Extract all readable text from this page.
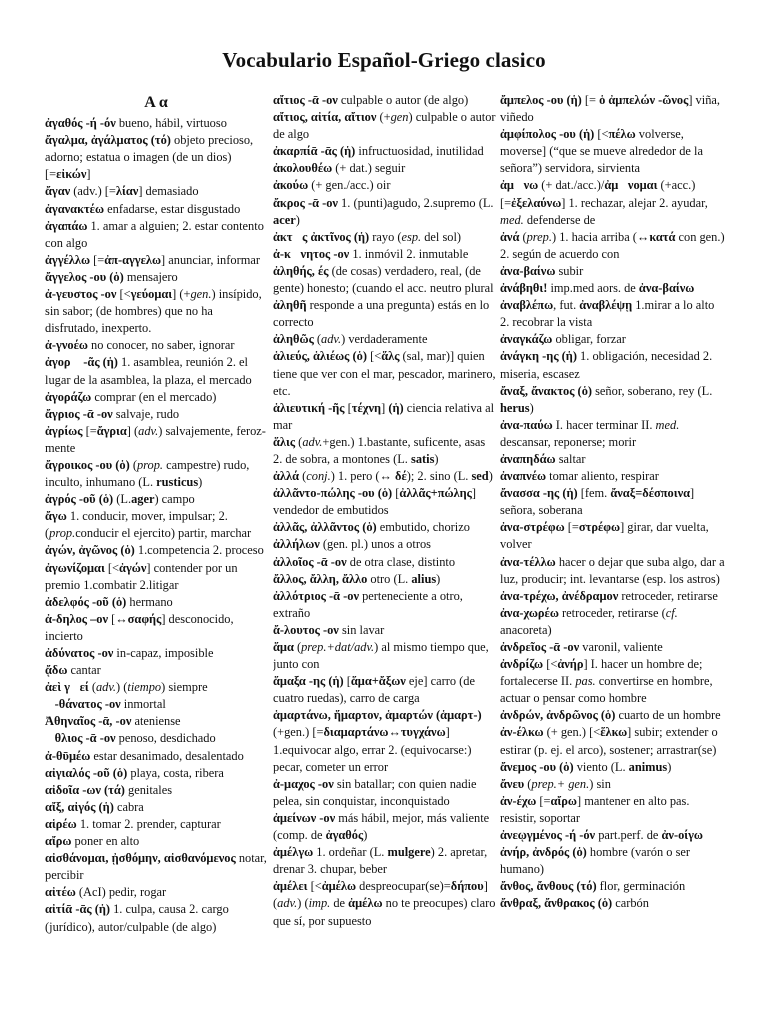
Vocabulario Español-Griego clasico
Α α

ἀγαθός -ή -όν bueno, hábil, virtuoso

ἄγαλμα, ἀγάλματος (τό) objeto precioso, adorno; estatua o imagen (de un dios) [=εἰκών]

ἄγαν (adv.) [=λίαν] demasiado

ἀγανακτέω enfadarse, estar disgustado

ἀγαπάω 1. amar a alguien; 2. estar contento con algo

ἀγγέλλω [=ἀπ-αγγελω] anunciar, informar

ἄγγελος -ου (ὁ) mensajero

ἀ-γευστος -ον [<γεύομαι] (+gen.) insípido, sin sabor; (de hombres) que no ha disfrutado, inexperto.

ἀ-γνοέω no conocer, no saber, ignorar

ἀγορ -ᾶς (ἡ) 1. asamblea, reunión 2. el lugar de la asamblea, la plaza, el mercado

ἀγοράζω comprar (en el mercado)

ἄγριος -ᾱ -ον salvaje, rudo

ἀγρίως [=ἄγρια] (adv.) salvajemente, feroz-mente

ἄγροικος -ου (ὁ) (prop. campestre) rudo, inculto, inhumano (L. rusticus)

ἀγρός -οῦ (ὁ) (L.ager) campo

ἄγω 1. conducir, mover, impulsar; 2. (prop.conducir el ejercito) partir, marchar

ἀγών, ἀγῶνος (ὁ) 1.competencia 2. proceso

ἀγωνίζομαι [<ἀγών] contender por un premio 1.combatir 2.litigar

ἀδελφός -οῦ (ὁ) hermano

ἀ-δηλος –ον [↔σαφής] desconocido, incierto

ἀδύνατος -ον in-capaz, imposible

ᾄδω cantar

ἀεὶ γ εί (adv.) (tiempo) siempre

-θάνατος -ον inmortal

Ἀθηναῖος -ᾱ, -ον ateniense

θλιος -ᾱ -ον penoso, desdichado

ἀ-θῡμέω estar desanimado, desalentado

αἰγιαλός -οῦ (ὁ) playa, costa, ribera

αἰδοῖα -ων (τά) genitales

αἴξ, αἰγός (ἡ) cabra

αἱρέω 1. tomar 2. prender, capturar

αἴρω poner en alto

αἰσθάνομαι, ᾐσθόμην, αἰσθανόμενος notar, percibir

αἰτέω (AcI) pedir, rogar

αἰτίᾱ -ᾱς (ἡ) 1. culpa, causa 2. cargo (jurídico), autor/culpable (de algo)

αἴτιος -ᾱ -ον culpable o autor (de algo)

αἴτιος, αἰτία, αἴτιον (+gen) culpable o autor de algo

ἀκαρπίᾱ -ᾱς (ἡ) infructuosidad, inutilidad

ἀκολουθέω (+ dat.) seguir

ἀκούω (+ gen./acc.) oir

ἄκρος -ᾱ -ον 1. (punti)agudo, 2.supremo (L. acer)

ἀκτ ς ἀκτῖνος (ἡ) rayo (esp. del sol)

ἀ-κ νητος -ον 1. inmóvil 2. inmutable

ἀληθής, ές (de cosas) verdadero, real, (de gente) honesto; (cuando el acc. neutro plural ἀληθῆ responde a una pregunta) estás en lo correcto

ἀληθῶς (adv.) verdaderamente

ἁλιεύς, ἁλιέως (ὁ) [<ἅλς (sal, mar)] quien tiene que ver con el mar, pescador, marinero, etc.

ἁλιευτική -ῆς [τέχνη] (ἡ) ciencia relativa al mar

ἅλις (adv.+gen.) 1.bastante, suficente, asas 2. de sobra, a montones (L. satis)

ἀλλά (conj.) 1. pero (↔ δέ); 2. sino (L. sed)

ἀλλᾶντο-πώλης -ου (ὁ) [ἀλλᾶς+πώλης] vendedor de embutidos

ἀλλᾶς, ἀλλᾶντος (ὁ) embutido, chorizo

ἀλλήλων (gen. pl.) unos a otros

ἀλλοῖος -ᾱ -ον de otra clase, distinto

ἄλλος, ἄλλη, ἄλλο otro (L. alius)

ἀλλότριος -ᾱ -ον perteneciente a otro, extraño

ἄ-λουτος -ον sin lavar

ἅμα (prep.+dat/adv.) al mismo tiempo que, junto con

ἅμαξα -ης (ἡ) [ἅμα+ἄξων eje] carro (de cuatro ruedas), carro de carga

ἁμαρτάνω, ἥμαρτον, ἁμαρτών (ἁμαρτ-) (+gen.) [=διαμαρτάνω↔τυγχάνω] 1.equivocar algo, errar 2. (equivocarse:) pecar, cometer un error

ἀ-μαχος -ον sin batallar; con quien nadie pelea, sin conquistar, inconquistado

ἀμείνων -ον más hábil, mejor, más valiente (comp. de ἀγαθός)

ἀμέλγω 1. ordeñar (L. mulgere) 2. apretar, drenar 3. chupar, beber

ἀμέλει [<ἀμέλω despreocupar(se)=δήπου] (adv.) (imp. de ἀμέλω no te preocupes) claro que sí, por supuesto

ἄμπελος -ου (ἡ) [= ὁ ἀμπελών -ῶνος] viña, viñedo

ἀμφίπολος -ου (ἡ) [<πέλω volverse, moverse] (“que se mueve alrededor de la señora”) servidora, sirvienta

ἀμ νω (+ dat./acc.)/ἀμ νομαι (+acc.) [=ἐξελαύνω] 1. rechazar, alejar 2. ayudar, med. defenderse de

ἀνά (prep.) 1. hacia arriba (↔κατά con gen.) 2. según de acuerdo con

ἀνα-βαίνω subir

ἀνάβηθι! imp.med aors. de ἀνα-βαίνω

ἀναβλέπω, fut. ἀναβλέψῃ 1.mirar a lo alto 2. recobrar la vista

ἀναγκάζω obligar, forzar

ἀνάγκη -ης (ἡ) 1. obligación, necesidad 2. miseria, escasez

ἄναξ, ἄνακτος (ὁ) señor, soberano, rey (L. herus)

ἀνα-παύω I. hacer terminar II. med. descansar, reponerse; morir

ἀναπηδάω saltar

ἀναπνέω tomar aliento, respirar

ἄνασσα -ης (ἡ) [fem. ἄναξ=δέσποινα] señora, soberana

ἀνα-στρέφω [=στρέφω] girar, dar vuelta, volver

ἀνα-τέλλω hacer o dejar que suba algo, dar a luz, producir; int. levantarse (esp. los astros)

ἀνα-τρέχω, ἀνέδραμον retroceder, retirarse

ἀνα-χωρέω retroceder, retirarse (cf. anacoreta)

ἀνδρεῖος -ᾱ -ον varonil, valiente

ἀνδρίζω [<ἀνήρ] I. hacer un hombre de; fortalecerse II. pas. convertirse en hombre, actuar o pensar como hombre

ἀνδρών, ἀνδρῶνος (ὁ) cuarto de un hombre

ἀν-έλκω (+ gen.) [<ἕλκω] subir; extender o estirar (p. ej. el arco), sostener; arrastrar(se)

ἄνεμος -ου (ὁ) viento (L. animus)

ἄνευ (prep.+ gen.) sin

ἀν-έχω [=αἴρω] mantener en alto pas. resistir, soportar

ἀνεῳγμένος -ή -όν part.perf. de ἀν-οίγω

ἀνήρ, ἀνδρός (ὁ) hombre (varón o ser humano)

ἄνθος, ἄνθους (τό) flor, germinación

ἄνθραξ, ἄνθρακος (ὁ) carbón
